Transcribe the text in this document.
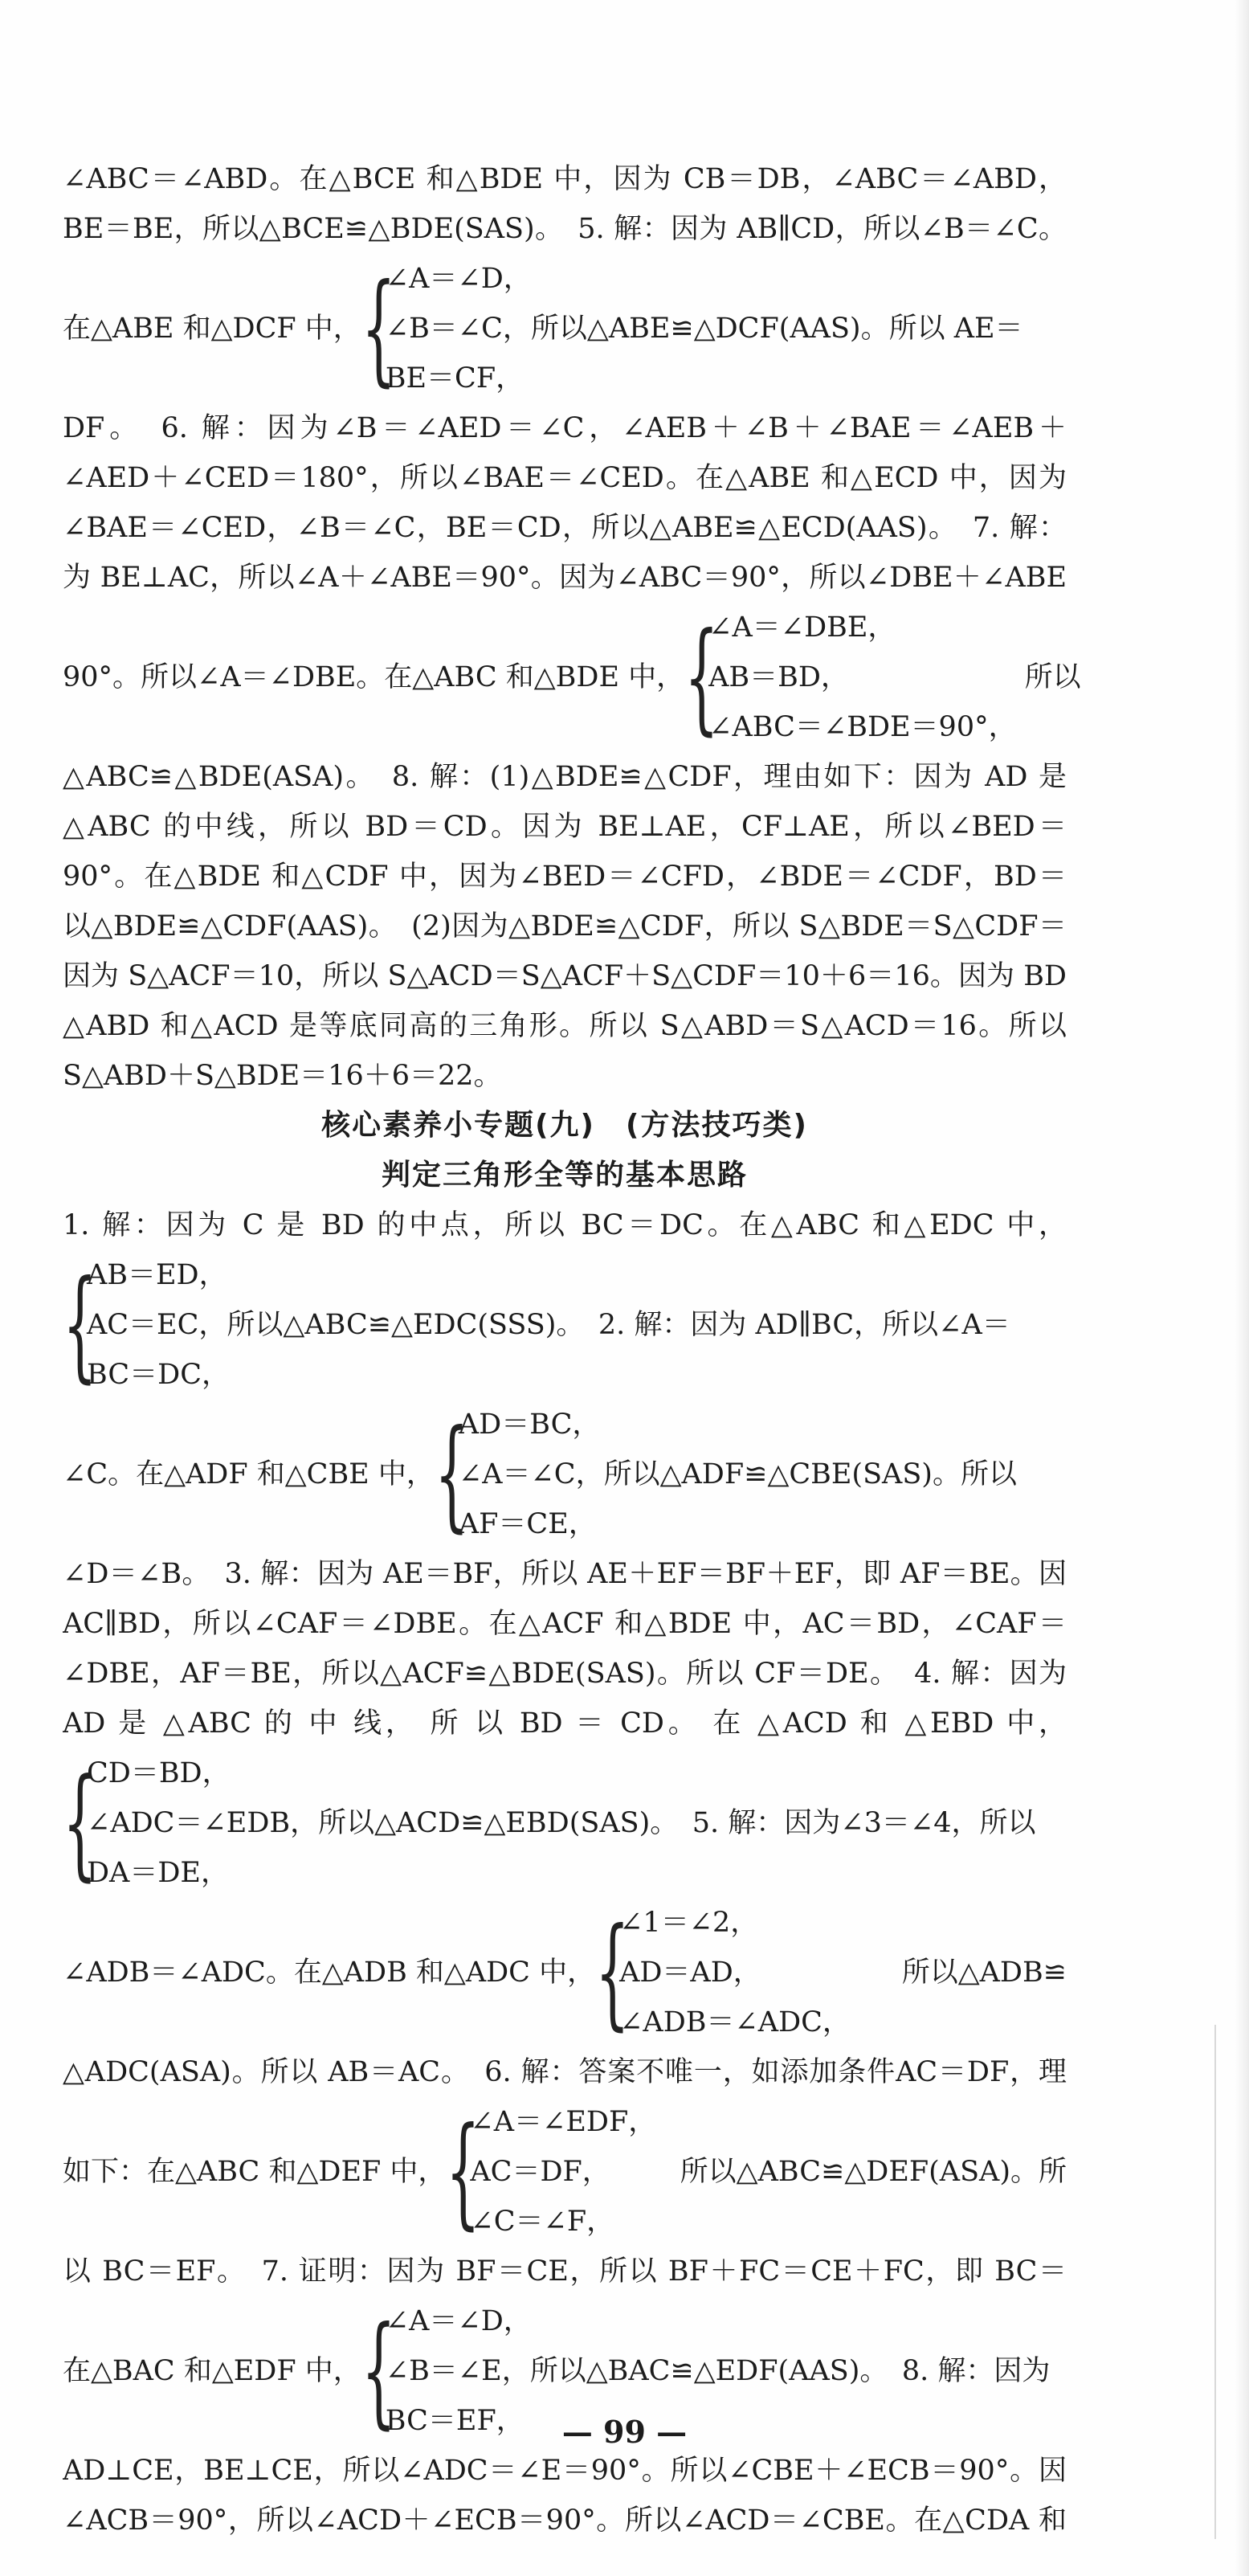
∠ABC＝∠ABD。在△BCE 和△BDE 中，因为 CB＝DB，∠ABC＝∠ABD，
BE＝BE，所以△BCE≌△BDE(SAS)。　5. 解：因为 AB∥CD，所以∠B＝∠C。
在△ABE 和△DCF 中， {
∠A＝∠D，
∠B＝∠C，所以△ABE≌△DCF(AAS)。所以 AE＝
BE＝CF，
DF。　6. 解：因为∠B＝∠AED＝∠C，∠AEB＋∠B＋∠BAE＝∠AEB＋
∠AED＋∠CED＝180°，所以∠BAE＝∠CED。在△ABE 和△ECD 中，因为
∠BAE＝∠CED，∠B＝∠C，BE＝CD，所以△ABE≌△ECD(AAS)。　7. 解：
为 BE⊥AC，所以∠A＋∠ABE＝90°。因为∠ABC＝90°，所以∠DBE＋∠ABE
90°。所以∠A＝∠DBE。在△ABC 和△BDE 中， {
∠A＝∠DBE，
AB＝BD，
∠ABC＝∠BDE＝90°，
所以
△ABC≌△BDE(ASA)。　8. 解：(1)△BDE≌△CDF，理由如下：因为 AD 是
△ABC 的中线，所以 BD＝CD。因为 BE⊥AE，CF⊥AE，所以∠BED＝
90°。在△BDE 和△CDF 中，因为∠BED＝∠CFD，∠BDE＝∠CDF，BD＝
以△BDE≌△CDF(AAS)。　(2)因为△BDE≌△CDF，所以 S△BDE＝S△CDF＝
因为 S△ACF＝10，所以 S△ACD＝S△ACF＋S△CDF＝10＋6＝16。因为 BD
△ABD 和△ACD 是等底同高的三角形。所以 S△ABD＝S△ACD＝16。所以
S△ABD＋S△BDE＝16＋6＝22。
核心素养小专题(九)　(方法技巧类)
判定三角形全等的基本思路
1. 解：因为 C 是 BD 的中点，所以 BC＝DC。在△ABC 和△EDC 中，
{
AB＝ED，
AC＝EC，所以△ABC≌△EDC(SSS)。　2. 解：因为 AD∥BC，所以∠A＝
BC＝DC，
∠C。在△ADF 和△CBE 中， {
AD＝BC，
∠A＝∠C，所以△ADF≌△CBE(SAS)。所以
AF＝CE，
∠D＝∠B。　3. 解：因为 AE＝BF，所以 AE＋EF＝BF＋EF，即 AF＝BE。因
AC∥BD，所以∠CAF＝∠DBE。在△ACF 和△BDE 中，AC＝BD，∠CAF＝
∠DBE，AF＝BE，所以△ACF≌△BDE(SAS)。所以 CF＝DE。　4. 解：因为
AD 是 △ABC 的 中 线， 所 以 BD ＝ CD。 在 △ACD 和 △EBD 中，
{
CD＝BD，
∠ADC＝∠EDB，所以△ACD≌△EBD(SAS)。　5. 解：因为∠3＝∠4，所以
DA＝DE，
∠ADB＝∠ADC。在△ADB 和△ADC 中， {
∠1＝∠2，
AD＝AD，
∠ADB＝∠ADC，
所以△ADB≌
△ADC(ASA)。所以 AB＝AC。　6. 解：答案不唯一，如添加条件AC＝DF，理
如下：在△ABC 和△DEF 中， {
∠A＝∠EDF，
AC＝DF，
∠C＝∠F，
所以△ABC≌△DEF(ASA)。所
以 BC＝EF。　7. 证明：因为 BF＝CE，所以 BF＋FC＝CE＋FC，即 BC＝
在△BAC 和△EDF 中， {
∠A＝∠D，
∠B＝∠E，所以△BAC≌△EDF(AAS)。　8. 解：因为
BC＝EF，
AD⊥CE，BE⊥CE，所以∠ADC＝∠E＝90°。所以∠CBE＋∠ECB＝90°。因
∠ACB＝90°，所以∠ACD＋∠ECB＝90°。所以∠ACD＝∠CBE。在△CDA 和
— 99 —
